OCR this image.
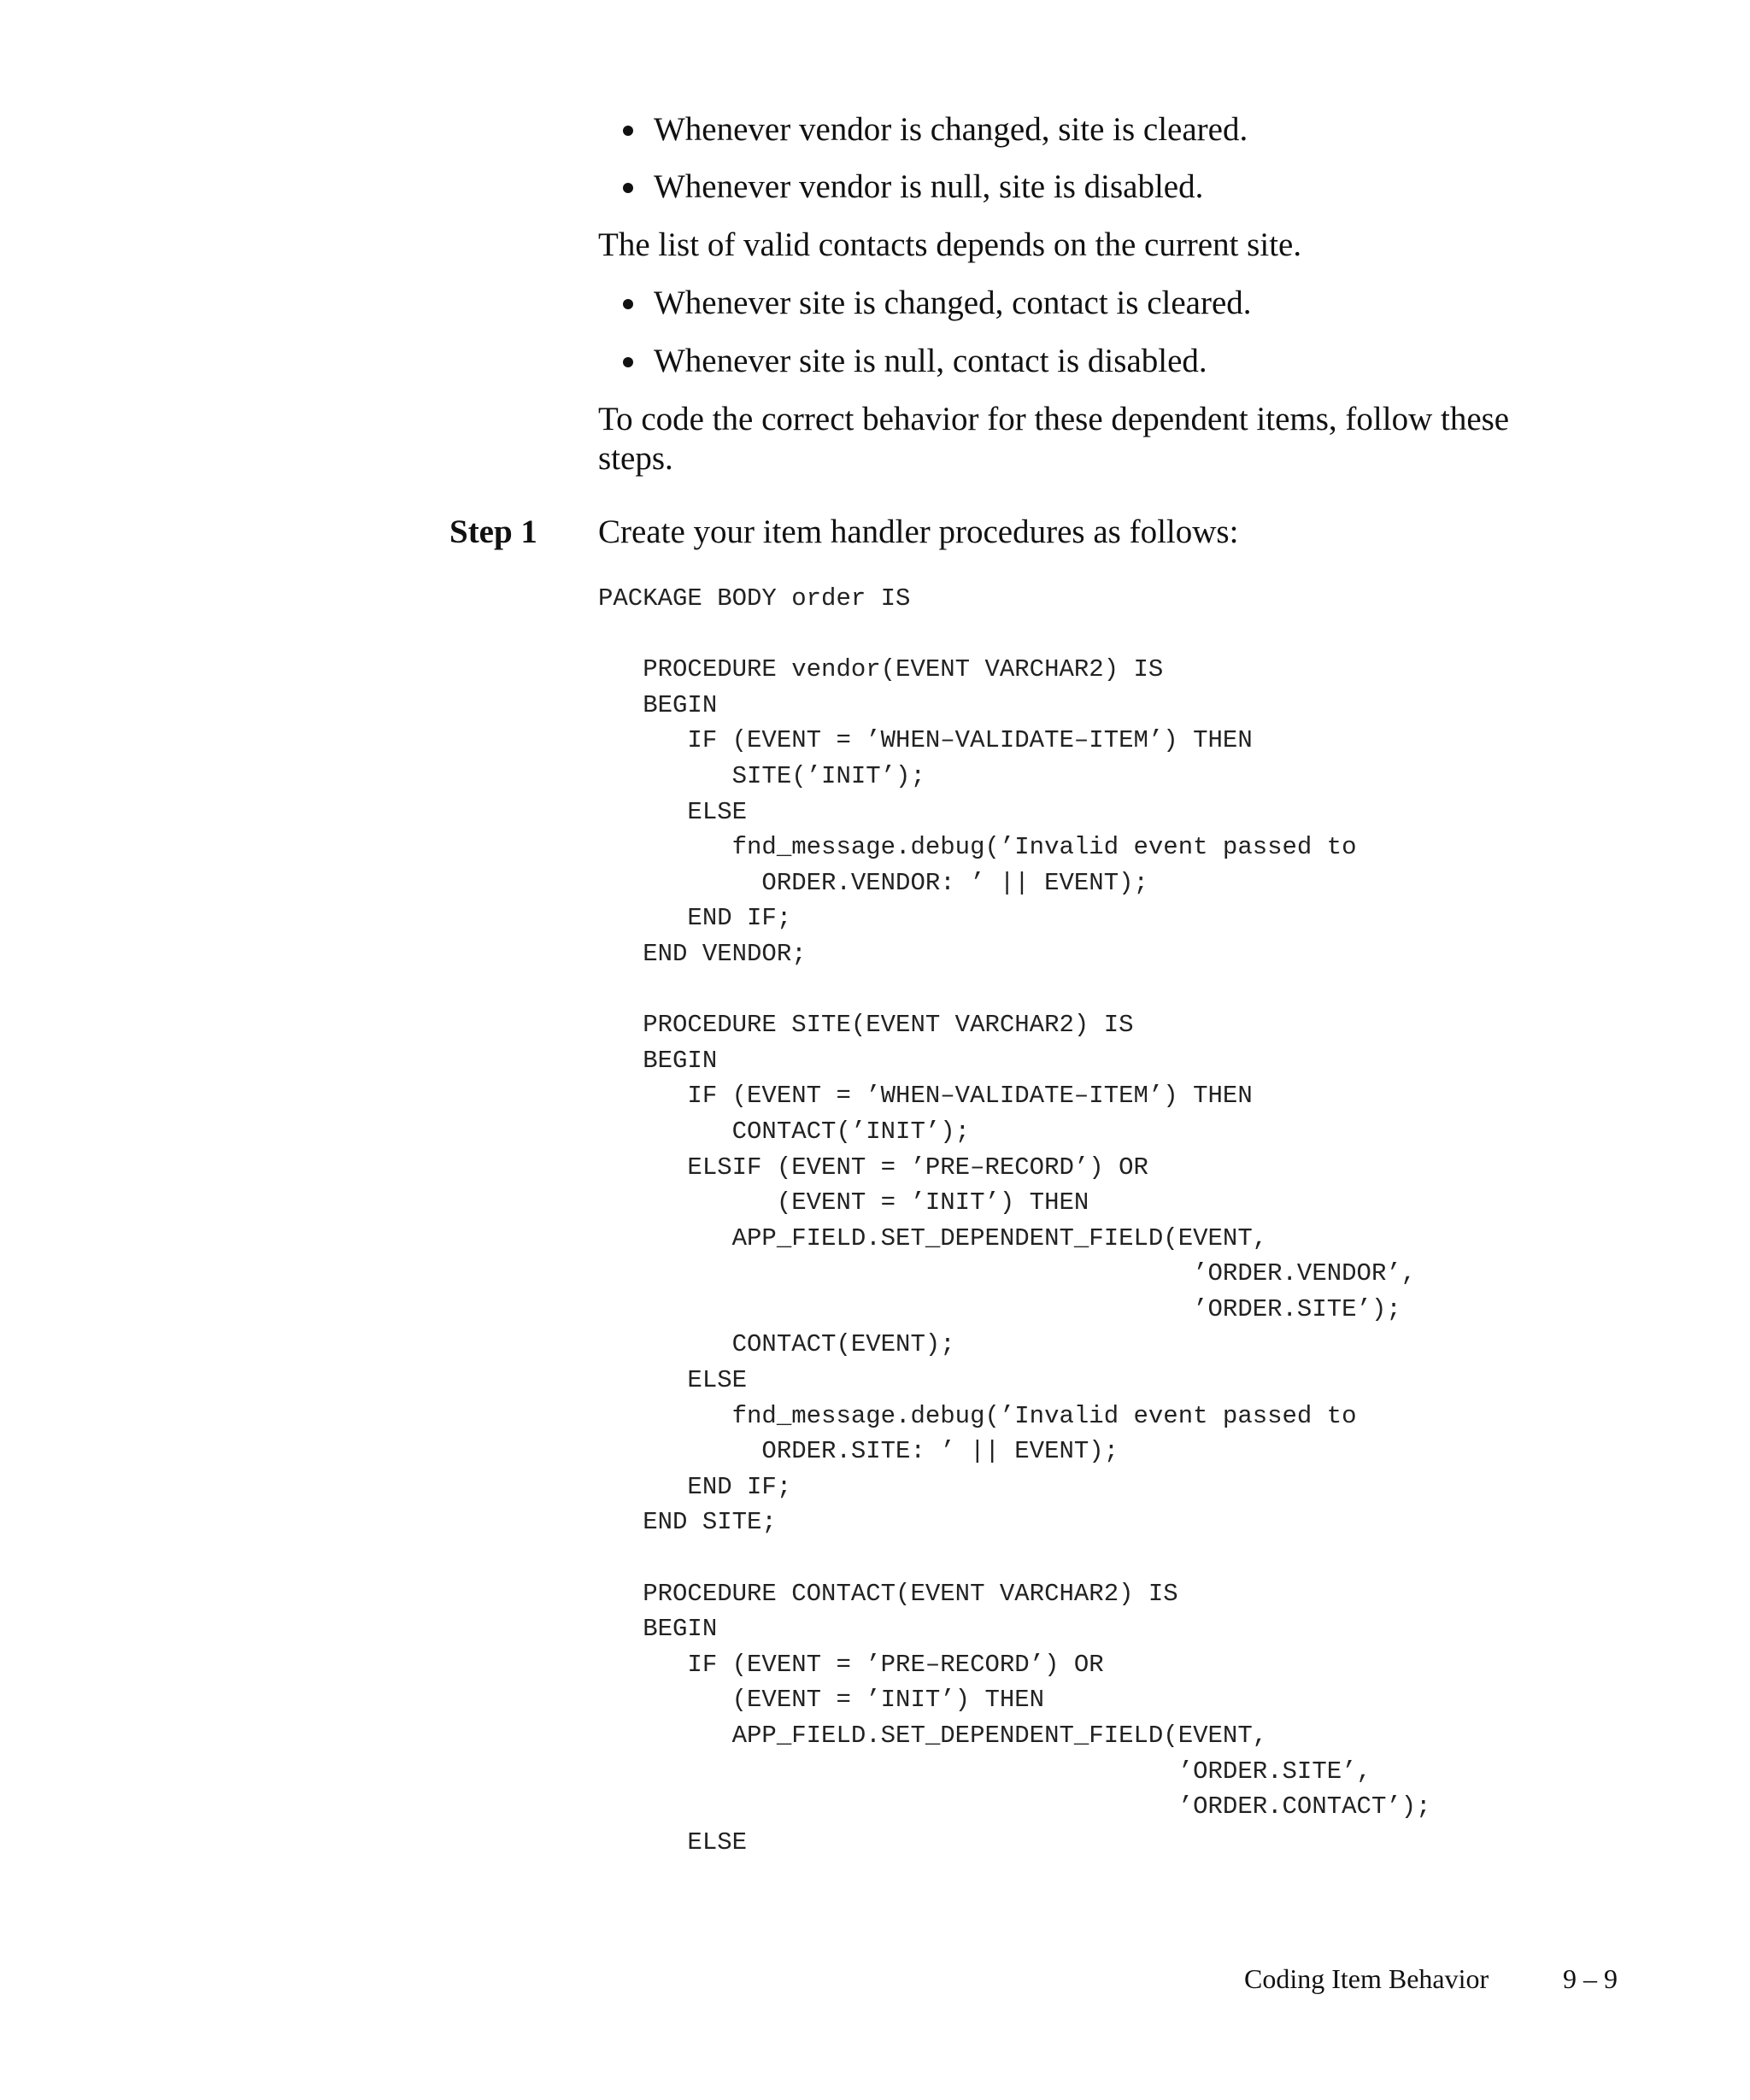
Whenever vendor is changed, site is cleared.
Whenever vendor is null, site is disabled.
The list of valid contacts depends on the current site.
Whenever site is changed, contact is cleared.
Whenever site is null, contact is disabled.
To code the correct behavior for these dependent items, follow these
steps.
Step 1 Create your item handler procedures as follows:
PACKAGE BODY order IS

PROCEDURE vendor(EVENT VARCHAR2) IS
BEGIN
IF (EVENT = ’WHEN–VALIDATE–ITEM’) THEN
SITE(’INIT’);
ELSE
fnd_message.debug(’Invalid event passed to
ORDER.VENDOR: ’ || EVENT);
END IF;
END VENDOR;

PROCEDURE SITE(EVENT VARCHAR2) IS
BEGIN
IF (EVENT = ’WHEN–VALIDATE–ITEM’) THEN
CONTACT(’INIT’);
ELSIF (EVENT = ’PRE–RECORD’) OR
(EVENT = ’INIT’) THEN
APP_FIELD.SET_DEPENDENT_FIELD(EVENT,
’ORDER.VENDOR’,
’ORDER.SITE’);
CONTACT(EVENT);
ELSE
fnd_message.debug(’Invalid event passed to
ORDER.SITE: ’ || EVENT);
END IF;
END SITE;

PROCEDURE CONTACT(EVENT VARCHAR2) IS
BEGIN
IF (EVENT = ’PRE–RECORD’) OR
(EVENT = ’INIT’) THEN
APP_FIELD.SET_DEPENDENT_FIELD(EVENT,
’ORDER.SITE’,
’ORDER.CONTACT’);
ELSE
Coding Item Behavior	9 – 9
